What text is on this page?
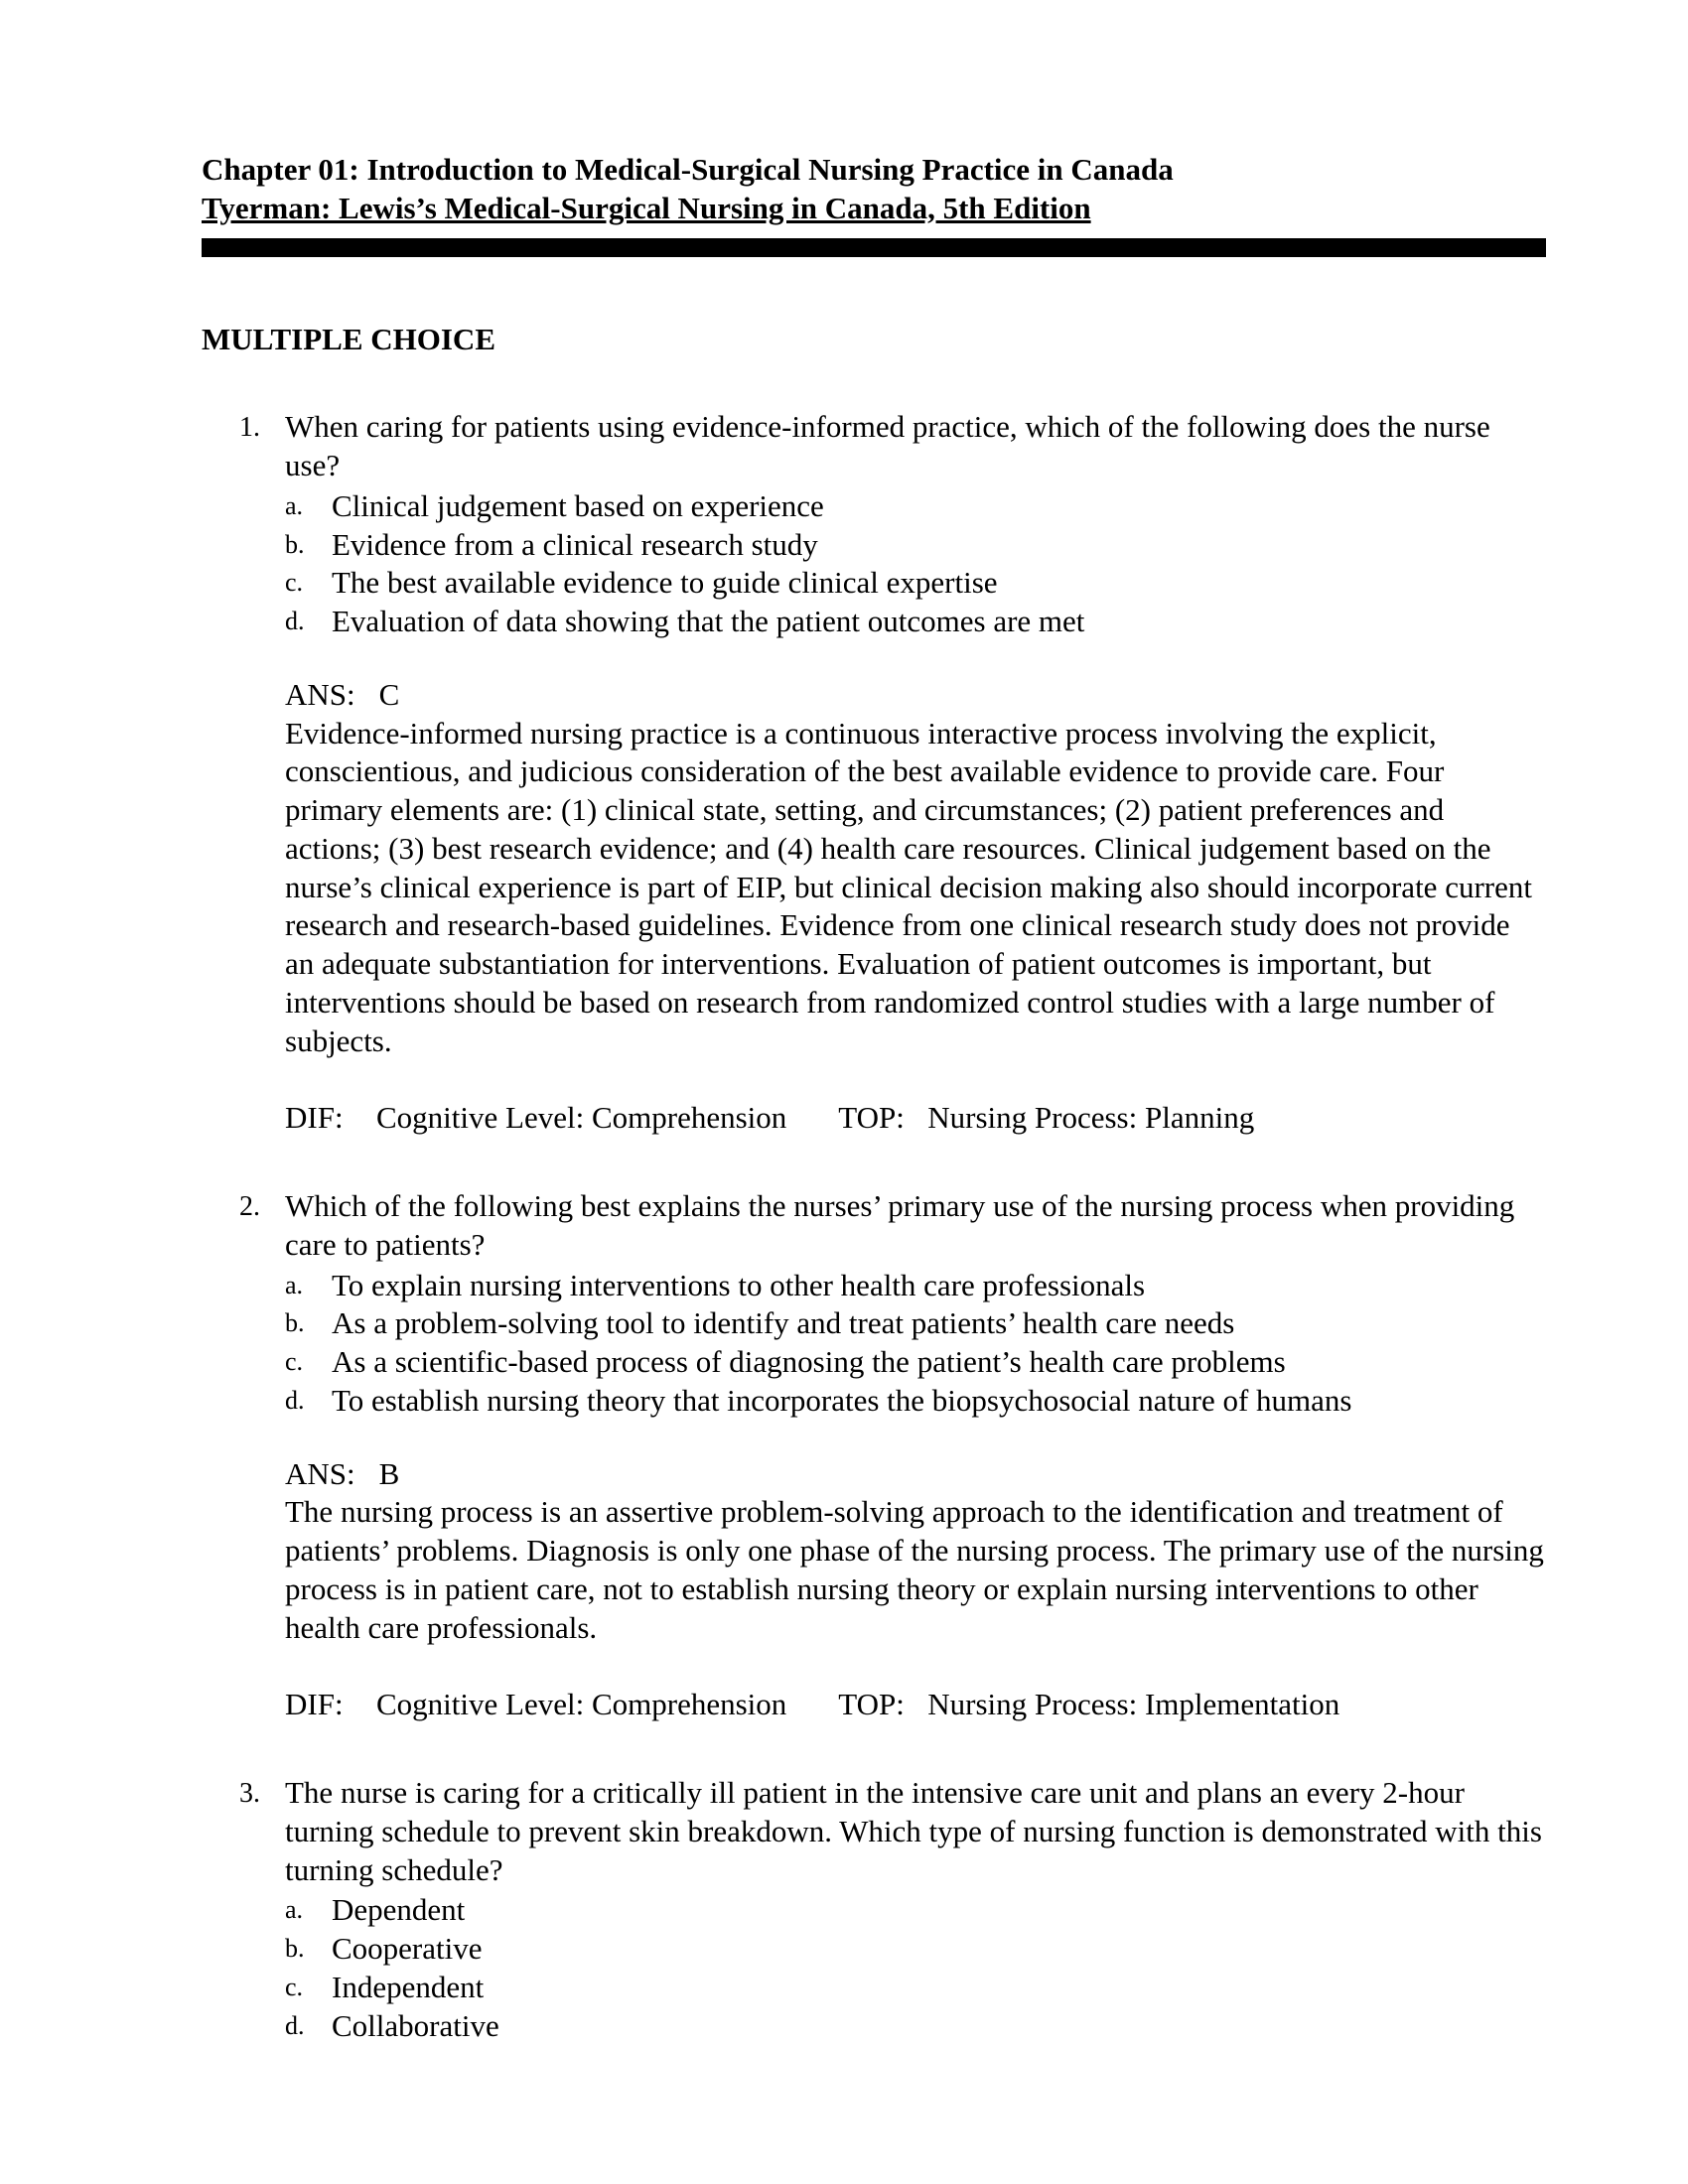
Chapter 01: Introduction to Medical-Surgical Nursing Practice in Canada
Tyerman: Lewis’s Medical-Surgical Nursing in Canada, 5th Edition
MULTIPLE CHOICE
1. When caring for patients using evidence-informed practice, which of the following does the nurse use?

a. Clinical judgement based on experience
b. Evidence from a clinical research study
c. The best available evidence to guide clinical expertise
d. Evaluation of data showing that the patient outcomes are met
ANS: C

Evidence-informed nursing practice is a continuous interactive process involving the explicit, conscientious, and judicious consideration of the best available evidence to provide care. Four primary elements are: (1) clinical state, setting, and circumstances; (2) patient preferences and actions; (3) best research evidence; and (4) health care resources. Clinical judgement based on the nurse’s clinical experience is part of EIP, but clinical decision making also should incorporate current research and research-based guidelines. Evidence from one clinical research study does not provide an adequate substantiation for interventions. Evaluation of patient outcomes is important, but interventions should be based on research from randomized control studies with a large number of subjects.

DIF: Cognitive Level: Comprehension TOP: Nursing Process: Planning
2. Which of the following best explains the nurses’ primary use of the nursing process when providing care to patients?

a. To explain nursing interventions to other health care professionals
b. As a problem-solving tool to identify and treat patients’ health care needs
c. As a scientific-based process of diagnosing the patient’s health care problems
d. To establish nursing theory that incorporates the biopsychosocial nature of humans
ANS: B

The nursing process is an assertive problem-solving approach to the identification and treatment of patients’ problems. Diagnosis is only one phase of the nursing process. The primary use of the nursing process is in patient care, not to establish nursing theory or explain nursing interventions to other health care professionals.

DIF: Cognitive Level: Comprehension TOP: Nursing Process: Implementation
3. The nurse is caring for a critically ill patient in the intensive care unit and plans an every 2-hour turning schedule to prevent skin breakdown. Which type of nursing function is demonstrated with this turning schedule?

a. Dependent
b. Cooperative
c. Independent
d. Collaborative
